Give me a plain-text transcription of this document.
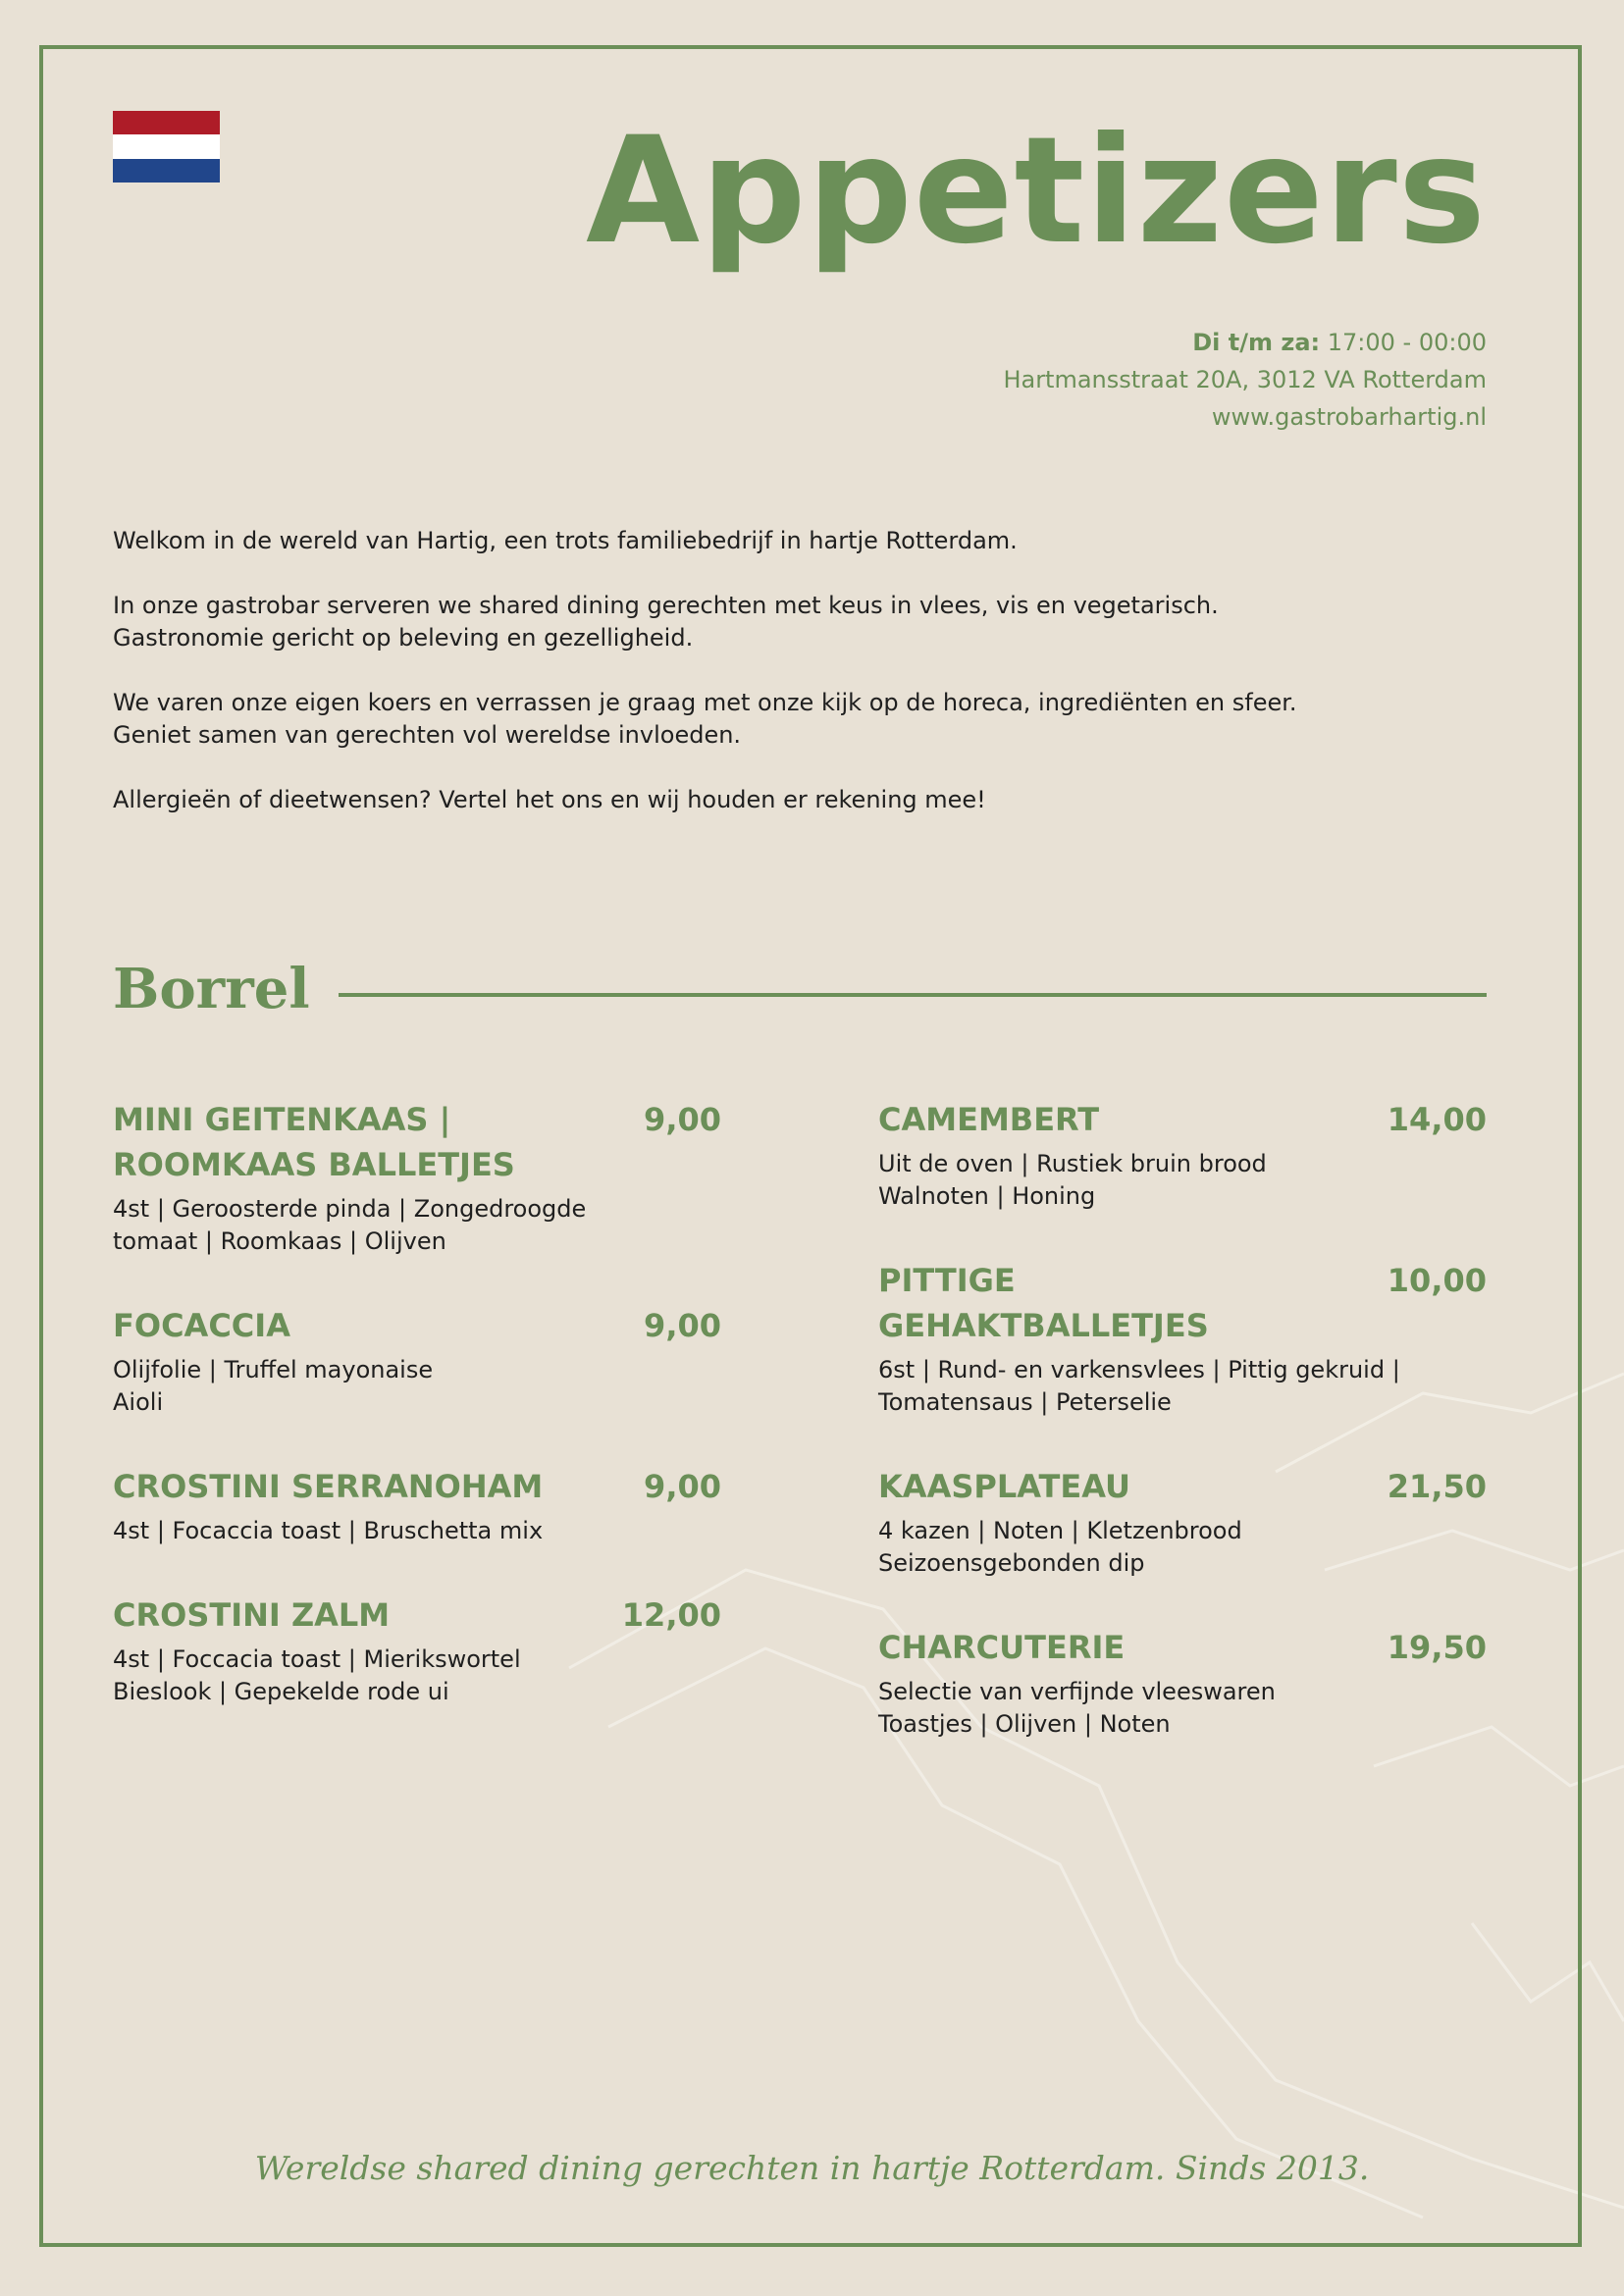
Appetizers
Di t/m za: 17:00 - 00:00
Hartmansstraat 20A, 3012 VA Rotterdam
www.gastrobarhartig.nl

Welkom in de wereld van Hartig, een trots familiebedrijf in hartje Rotterdam.

In onze gastrobar serveren we shared dining gerechten met keus in vlees, vis en vegetarisch.
Gastronomie gericht op beleving en gezelligheid.

We varen onze eigen koers en verrassen je graag met onze kijk op de horeca, ingrediënten en sfeer.
Geniet samen van gerechten vol wereldse invloeden.

Allergieën of dieetwensen? Vertel het ons en wij houden er rekening mee!

Borrel
MINI GEITENKAAS | ROOMKAAS BALLETJES
9,00
4st | Geroosterde pinda | Zongedroogde tomaat | Roomkaas | Olijven
FOCACCIA	9,00
Olijfolie | Truffel mayonaise Aioli
CROSTINI SERRANOHAM	9,00
4st | Focaccia toast | Bruschetta mix
CROSTINI ZALM	12,00
4st | Foccacia toast | Mierikswortel Bieslook | Gepekelde rode ui
CAMEMBERT	14,00
Uit de oven | Rustiek bruin brood Walnoten | Honing
PITTIGE GEHAKTBALLETJES
10,00
6st | Rund- en varkensvlees | Pittig gekruid | Tomatensaus | Peterselie
KAASPLATEAU	21,50
4 kazen | Noten | Kletzenbrood Seizoensgebonden dip
CHARCUTERIE	19,50
Selectie van verfijnde vleeswaren Toastjes | Olijven | Noten
Wereldse shared dining gerechten in hartje Rotterdam. Sinds 2013.
